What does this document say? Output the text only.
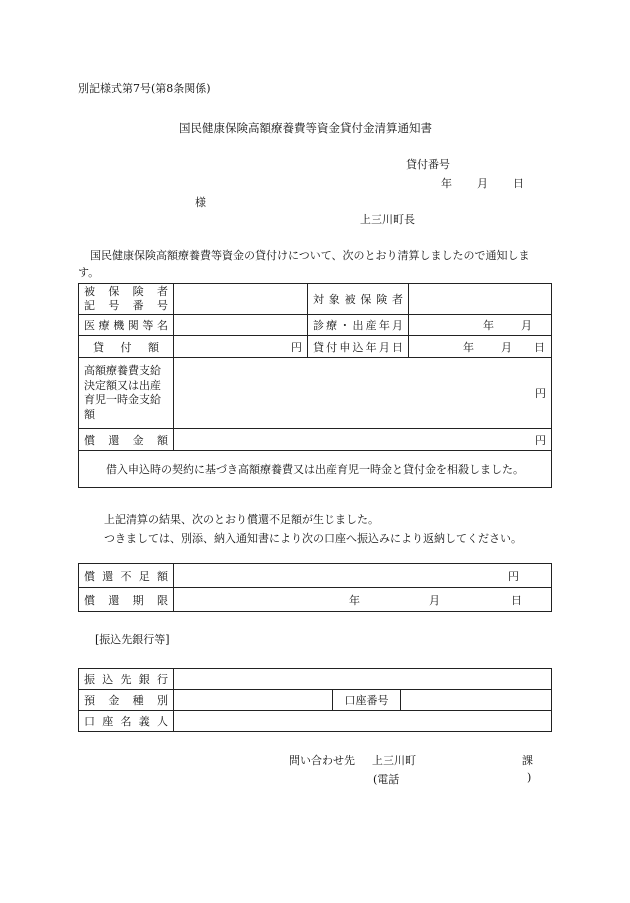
別記様式第7号(第8条関係)
国民健康保険高額療養費等資金貸付金清算通知書
貸付番号
年 月 日
様
上三川町長
国民健康保険高額療養費等資金の貸付けについて、次のとおり清算しましたので通知します。
被 保 険 者
記 号 番 号		対象被保険者	
医療機関等名		診療・出産年月	年 月
貸付額	円	貸付申込年月日	年 月 日
高額療養費支給決定額又は出産育児一時金支給額	円		
償還金額	円		
借入申込時の契約に基づき高額療養費又は出産育児一時金と貸付金を相殺しました。			
上記清算の結果、次のとおり償還不足額が生じました。
つきましては、別添、納入通知書により次の口座へ振込みにより返納してください。
償還不足額	円
償還期限	年 月 日
[振込先銀行等]
振込先銀行			
預金種別		口座番号	
口座名義人			
問い合わせ先 上三川町	課
(電話	)
